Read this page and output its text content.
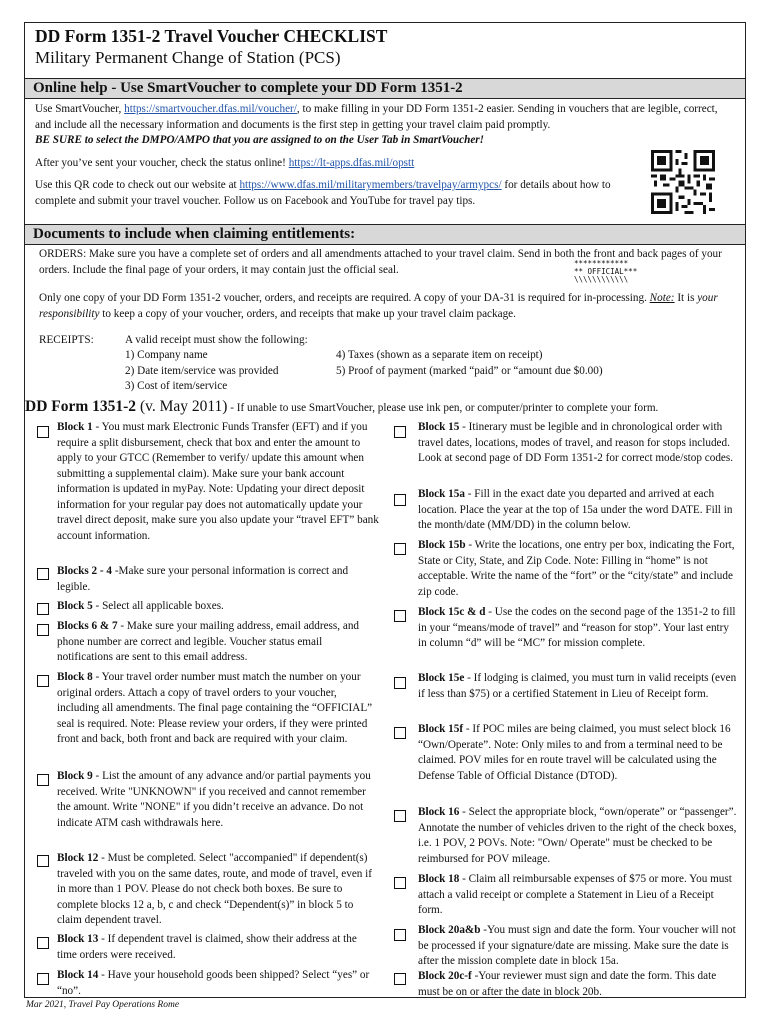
DD Form 1351-2 Travel Voucher CHECKLIST
Military Permanent Change of Station (PCS)
Online help - Use SmartVoucher to complete your DD Form 1351-2
Use SmartVoucher, https://smartvoucher.dfas.mil/voucher/, to make filling in your DD Form 1351-2 easier. Sending in vouchers that are legible, correct, and include all the necessary information and documents is the first step in getting your travel claim paid promptly.
BE SURE to select the DMPO/AMPO that you are assigned to on the User Tab in SmartVoucher!
After you’ve sent your voucher, check the status online! https://lt-apps.dfas.mil/opstt
Use this QR code to check out our website at https://www.dfas.mil/militarymembers/travelpay/armypcs/ for details about how to complete and submit your travel voucher. Follow us on Facebook and YouTube for travel pay tips.
Documents to include when claiming entitlements:
ORDERS: Make sure you have a complete set of orders and all amendments attached to your travel claim. Send in both the front and back pages of your orders. Include the final page of your orders, it may contain just the official seal.	************
** OFFICIAL***
\\\\\\\\\\\\
Only one copy of your DD Form 1351-2 voucher, orders, and receipts are required. A copy of your DA-31 is required for in-processing. Note: It is your responsibility to keep a copy of your voucher, orders, and receipts that make up your travel claim package.
RECEIPTS:	A valid receipt must show the following:
1) Company name
2) Date item/service was provided
3) Cost of item/service
4) Taxes (shown as a separate item on receipt)
5) Proof of payment (marked “paid” or “amount due $0.00)
DD Form 1351-2 (v. May 2011) - If unable to use SmartVoucher, please use ink pen, or computer/printer to complete your form.
Block 1 - You must mark Electronic Funds Transfer (EFT) and if you require a split disbursement, check that box and enter the amount to apply to your GTCC (Remember to verify/ update this amount when submitting a supplemental claim). Make sure your bank account information is updated in myPay. Note: Updating your direct deposit information for your regular pay does not automatically update your travel direct deposit, make sure you also update your “travel EFT” bank account information.
Blocks 2 - 4 -Make sure your personal information is correct and legible.
Block 5 - Select all applicable boxes.
Blocks 6 & 7 - Make sure your mailing address, email address, and phone number are correct and legible. Voucher status email notifications are sent to this email address.
Block 8 - Your travel order number must match the number on your original orders. Attach a copy of travel orders to your voucher, including all amendments. The final page containing the “OFFICIAL” seal is required. Note: Please review your orders, if they were printed front and back, both front and back are required with your claim.
Block 9 - List the amount of any advance and/or partial payments you received. Write "UNKNOWN" if you received and cannot remember the amount. Write "NONE" if you didn’t receive an advance. Do not indicate ATM cash withdrawals here.
Block 12 - Must be completed. Select "accompanied" if dependent(s) traveled with you on the same dates, route, and mode of travel, even if in more than 1 POV. Please do not check both boxes. Be sure to complete blocks 12 a, b, c and check “Dependent(s)” in block 5 to claim dependent travel.
Block 13 - If dependent travel is claimed, show their address at the time orders were received.
Block 14 - Have your household goods been shipped? Select “yes” or “no”.
Block 15 - Itinerary must be legible and in chronological order with travel dates, locations, modes of travel, and reason for stops included. Look at second page of DD Form 1351-2 for correct mode/stop codes.
Block 15a - Fill in the exact date you departed and arrived at each location. Place the year at the top of 15a under the word DATE. Fill in the month/date (MM/DD) in the column below.
Block 15b - Write the locations, one entry per box, indicating the Fort, State or City, State, and Zip Code. Note: Filling in “home” is not acceptable. Write the name of the “fort” or the “city/state” and include zip code.
Block 15c & d - Use the codes on the second page of the 1351-2 to fill in your “means/mode of travel” and “reason for stop”. Your last entry in column “d” will be “MC” for mission complete.
Block 15e - If lodging is claimed, you must turn in valid receipts (even if less than $75) or a certified Statement in Lieu of Receipt form.
Block 15f - If POC miles are being claimed, you must select block 16 “Own/Operate”. Note: Only miles to and from a terminal need to be claimed. POV miles for en route travel will be calculated using the Defense Table of Official Distance (DTOD).
Block 16 - Select the appropriate block, “own/operate” or “passenger”. Annotate the number of vehicles driven to the right of the check boxes, i.e. 1 POV, 2 POVs. Note: "Own/ Operate" must be checked to be reimbursed for POV mileage.
Block 18 - Claim all reimbursable expenses of $75 or more. You must attach a valid receipt or complete a Statement in Lieu of a Receipt form.
Block 20a&b -You must sign and date the form. Your voucher will not be processed if your signature/date are missing. Make sure the date is after the mission complete date in block 15a.
Block 20c-f -Your reviewer must sign and date the form. This date must be on or after the date in block 20b.
Mar 2021, Travel Pay Operations Rome
